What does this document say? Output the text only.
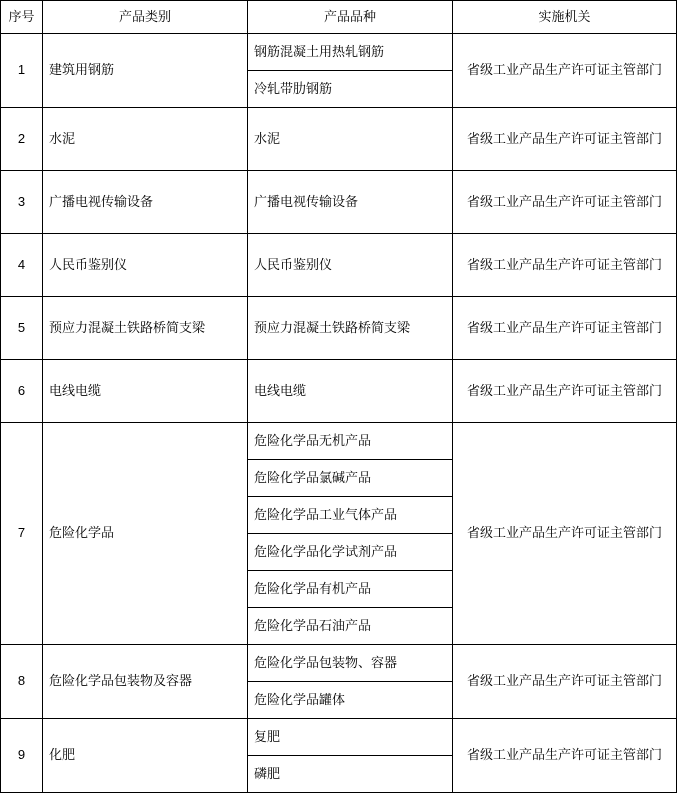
序号	产品类别	产品品种	实施机关
1	建筑用钢筋	钢筋混凝土用热轧钢筋	省级工业产品生产许可证主管部门
		冷轧带肋钢筋	
2	水泥	水泥	省级工业产品生产许可证主管部门
3	广播电视传输设备	广播电视传输设备	省级工业产品生产许可证主管部门
4	人民币鉴别仪	人民币鉴别仪	省级工业产品生产许可证主管部门
5	预应力混凝土铁路桥简支梁	预应力混凝土铁路桥简支梁	省级工业产品生产许可证主管部门
6	电线电缆	电线电缆	省级工业产品生产许可证主管部门
7	危险化学品	危险化学品无机产品	省级工业产品生产许可证主管部门
		危险化学品氯碱产品	
		危险化学品工业气体产品	
		危险化学品化学试剂产品	
		危险化学品有机产品	
		危险化学品石油产品	
8	危险化学品包装物及容器	危险化学品包装物、容器	省级工业产品生产许可证主管部门
		危险化学品罐体	
9	化肥	复肥	省级工业产品生产许可证主管部门
		磷肥	
